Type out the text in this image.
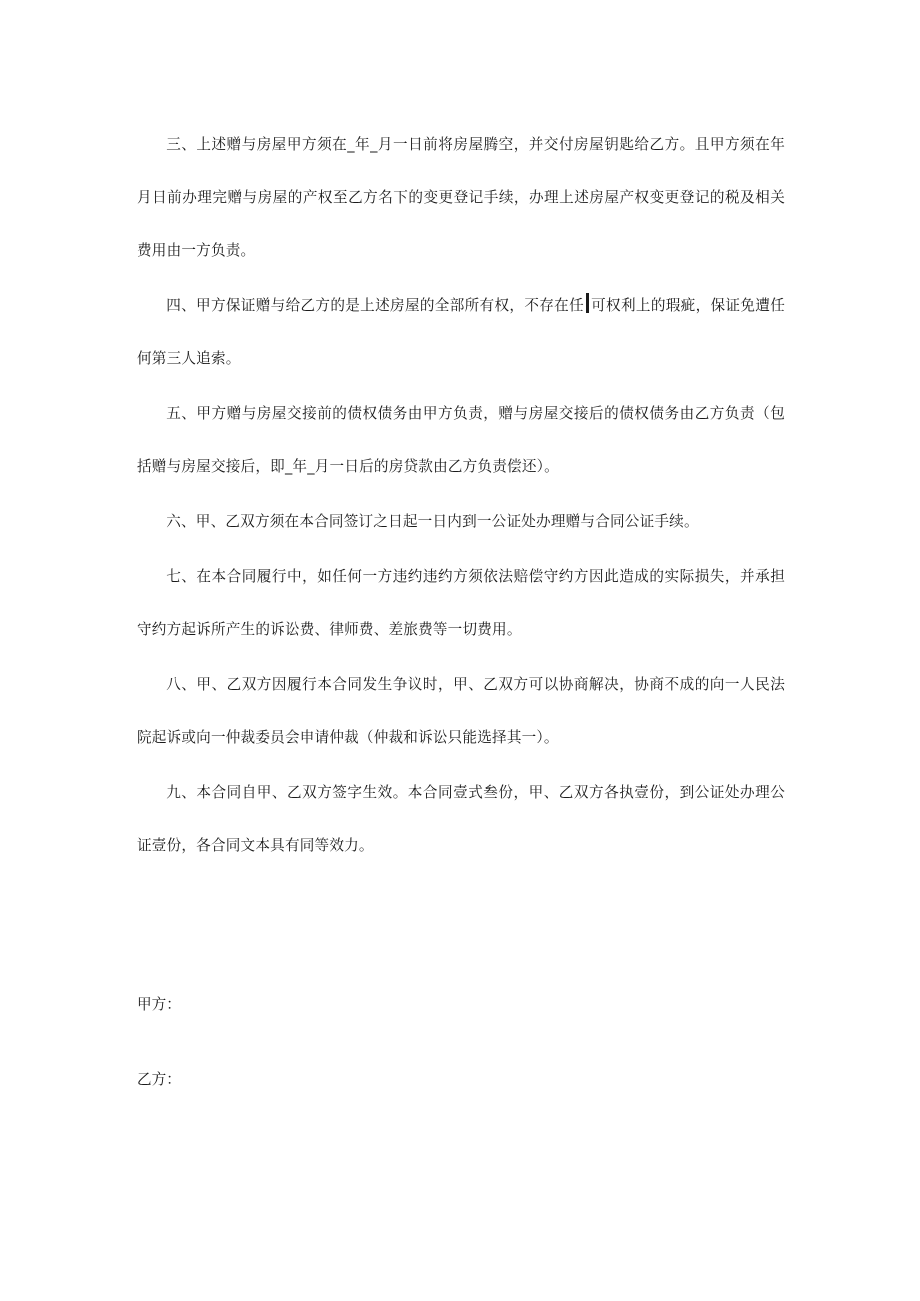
三、上述赠与房屋甲方须在_年_月一日前将房屋腾空，并交付房屋钥匙给乙方。且甲方须在年月日前办理完赠与房屋的产权至乙方名下的变更登记手续，办理上述房屋产权变更登记的税及相关费用由一方负责。

四、甲方保证赠与给乙方的是上述房屋的全部所有权，不存在任 可权利上的瑕疵，保证免遭任何第三人追索。

五、甲方赠与房屋交接前的债权债务由甲方负责，赠与房屋交接后的债权债务由乙方负责（包括赠与房屋交接后，即_年_月一日后的房贷款由乙方负责偿还）。

六、甲、乙双方须在本合同签订之日起一日内到一公证处办理赠与合同公证手续。

七、在本合同履行中，如任何一方违约违约方须依法赔偿守约方因此造成的实际损失，并承担守约方起诉所产生的诉讼费、律师费、差旅费等一切费用。

八、甲、乙双方因履行本合同发生争议时，甲、乙双方可以协商解决，协商不成的向一人民法院起诉或向一仲裁委员会申请仲裁（仲裁和诉讼只能选择其一）。

九、本合同自甲、乙双方签字生效。本合同壹式叁份，甲、乙双方各执壹份，到公证处办理公证壹份，各合同文本具有同等效力。

甲方：

乙方：
